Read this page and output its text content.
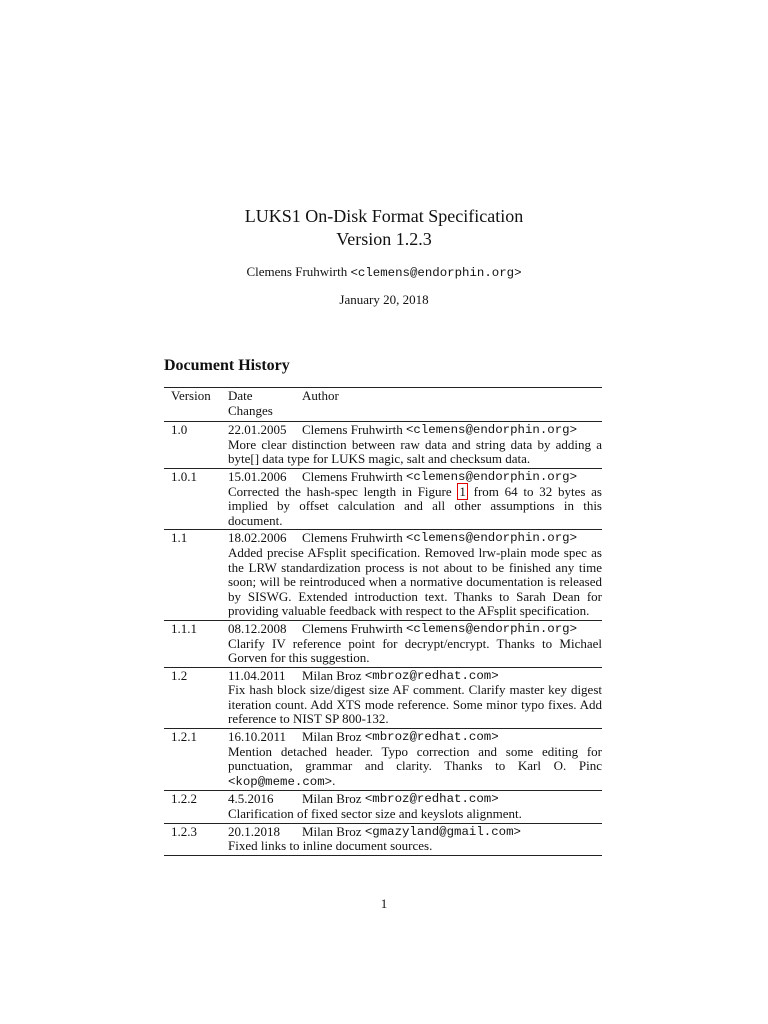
LUKS1 On-Disk Format Specification
Version 1.2.3
Clemens Fruhwirth <clemens@endorphin.org>
January 20, 2018
Document History
Version	Date	Author
Changes
1.0	22.01.2005	Clemens Fruhwirth
<clemens@endorphin.org>
More clear distinction between raw data and string data by adding a byte[] data type for LUKS magic, salt and checksum data.
1.0.1	15.01.2006	Clemens Fruhwirth
<clemens@endorphin.org>
Corrected the hash-spec length in Figure 1 from 64 to 32 bytes as implied by offset calculation and all other assumptions in this document.
1.1	18.02.2006	Clemens Fruhwirth
<clemens@endorphin.org>
Added precise AFsplit specification. Removed lrw-plain mode spec as the LRW standardization process is not about to be finished any time soon; will be reintroduced when a normative documentation is released by SISWG. Extended introduction text. Thanks to Sarah Dean for providing valuable feedback with respect to the AFsplit specification.
1.1.1	08.12.2008	Clemens Fruhwirth
<clemens@endorphin.org>
Clarify IV reference point for decrypt/encrypt. Thanks to Michael Gorven for this suggestion.
1.2	11.04.2011	Milan Broz
<mbroz@redhat.com>
Fix hash block size/digest size AF comment. Clarify master key digest iteration count. Add XTS mode reference. Some minor typo fixes. Add reference to NIST SP 800-132.
1.2.1	16.10.2011	Milan Broz
<mbroz@redhat.com>
Mention detached header. Typo correction and some editing for punctuation, grammar and clarity. Thanks to Karl O. Pinc <kop@meme.com>.
1.2.2	4.5.2016	Milan Broz
<mbroz@redhat.com>
Clarification of fixed sector size and keyslots alignment.
1.2.3	20.1.2018	Milan Broz
<gmazyland@gmail.com>
Fixed links to inline document sources.
1
